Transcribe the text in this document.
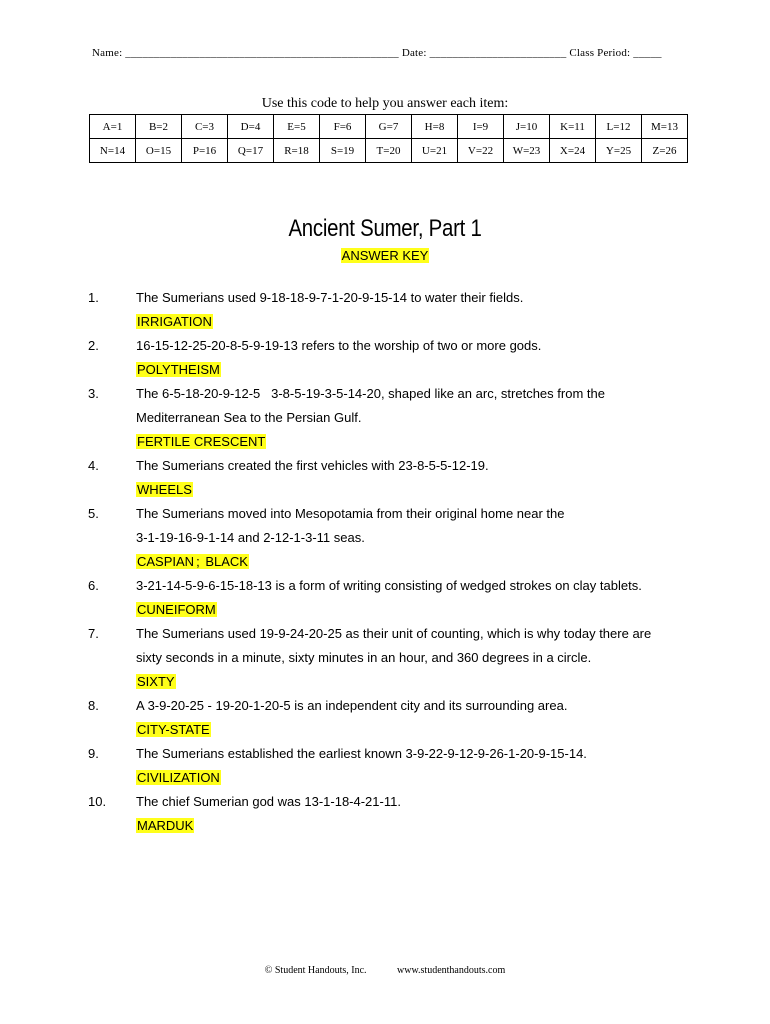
Name: ________________________________________________ Date: ________________________ Class Period: _____
Use this code to help you answer each item:
A=1	B=2	C=3	D=4	E=5	F=6	G=7	H=8	I=9	J=10	K=11	L=12	M=13
N=14	O=15	P=16	Q=17	R=18	S=19	T=20	U=21	V=22	W=23	X=24	Y=25	Z=26
Ancient Sumer, Part 1
ANSWER KEY
1.	The Sumerians used 9-18-18-9-7-1-20-9-15-14 to water their fields.
IRRIGATION
2.	16-15-12-25-20-8-5-9-19-13 refers to the worship of two or more gods.
POLYTHEISM
3.	The 6-5-18-20-9-12-5   3-8-5-19-3-5-14-20, shaped like an arc, stretches from the
Mediterranean Sea to the Persian Gulf.
FERTILE CRESCENT
4.	The Sumerians created the first vehicles with 23-8-5-5-12-19.
WHEELS
5.	The Sumerians moved into Mesopotamia from their original home near the
3-1-19-16-9-1-14 and 2-12-1-3-11 seas.
CASPIAN ; BLACK
6.	3-21-14-5-9-6-15-18-13 is a form of writing consisting of wedged strokes on clay tablets.
CUNEIFORM
7.	The Sumerians used 19-9-24-20-25 as their unit of counting, which is why today there are
sixty seconds in a minute, sixty minutes in an hour, and 360 degrees in a circle.
SIXTY
8.	A 3-9-20-25 - 19-20-1-20-5 is an independent city and its surrounding area.
CITY-STATE
9.	The Sumerians established the earliest known 3-9-22-9-12-9-26-1-20-9-15-14.
CIVILIZATION
10.	The chief Sumerian god was 13-1-18-4-21-11.
MARDUK
© Student Handouts, Inc.	www.studenthandouts.com
